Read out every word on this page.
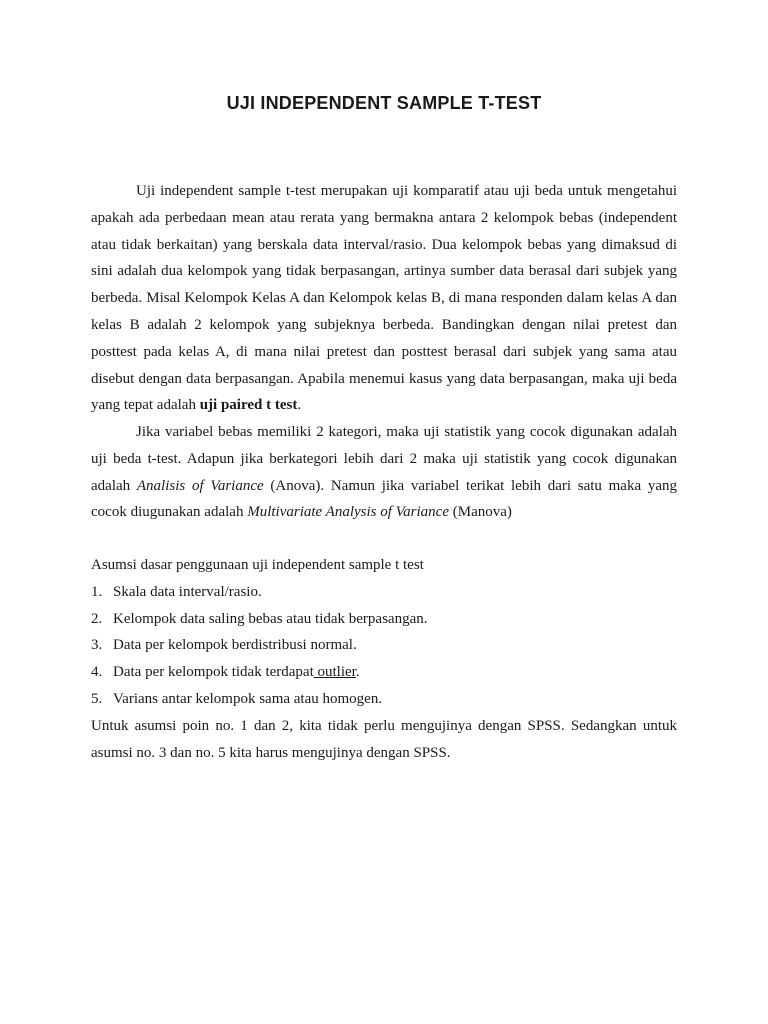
UJI INDEPENDENT SAMPLE T-TEST

Uji independent sample t-test merupakan uji komparatif atau uji beda untuk mengetahui apakah ada perbedaan mean atau rerata yang bermakna antara 2 kelompok bebas (independent atau tidak berkaitan) yang berskala data interval/rasio. Dua kelompok bebas yang dimaksud di sini adalah dua kelompok yang tidak berpasangan, artinya sumber data berasal dari subjek yang berbeda. Misal Kelompok Kelas A dan Kelompok kelas B, di mana responden dalam kelas A dan kelas B adalah 2 kelompok yang subjeknya berbeda. Bandingkan dengan nilai pretest dan posttest pada kelas A, di mana nilai pretest dan posttest berasal dari subjek yang sama atau disebut dengan data berpasangan. Apabila menemui kasus yang data berpasangan, maka uji beda yang tepat adalah uji paired t test.

Jika variabel bebas memiliki 2 kategori, maka uji statistik yang cocok digunakan adalah uji beda t-test. Adapun jika berkategori lebih dari 2 maka uji statistik yang cocok digunakan adalah Analisis of Variance (Anova). Namun jika variabel terikat lebih dari satu maka yang cocok diugunakan adalah Multivariate Analysis of Variance (Manova)

Asumsi dasar penggunaan uji independent sample t test

1. Skala data interval/rasio.
2. Kelompok data saling bebas atau tidak berpasangan.
3. Data per kelompok berdistribusi normal.
4. Data per kelompok tidak terdapat outlier.
5. Varians antar kelompok sama atau homogen.

Untuk asumsi poin no. 1 dan 2, kita tidak perlu mengujinya dengan SPSS. Sedangkan untuk asumsi no. 3 dan no. 5 kita harus mengujinya dengan SPSS.
